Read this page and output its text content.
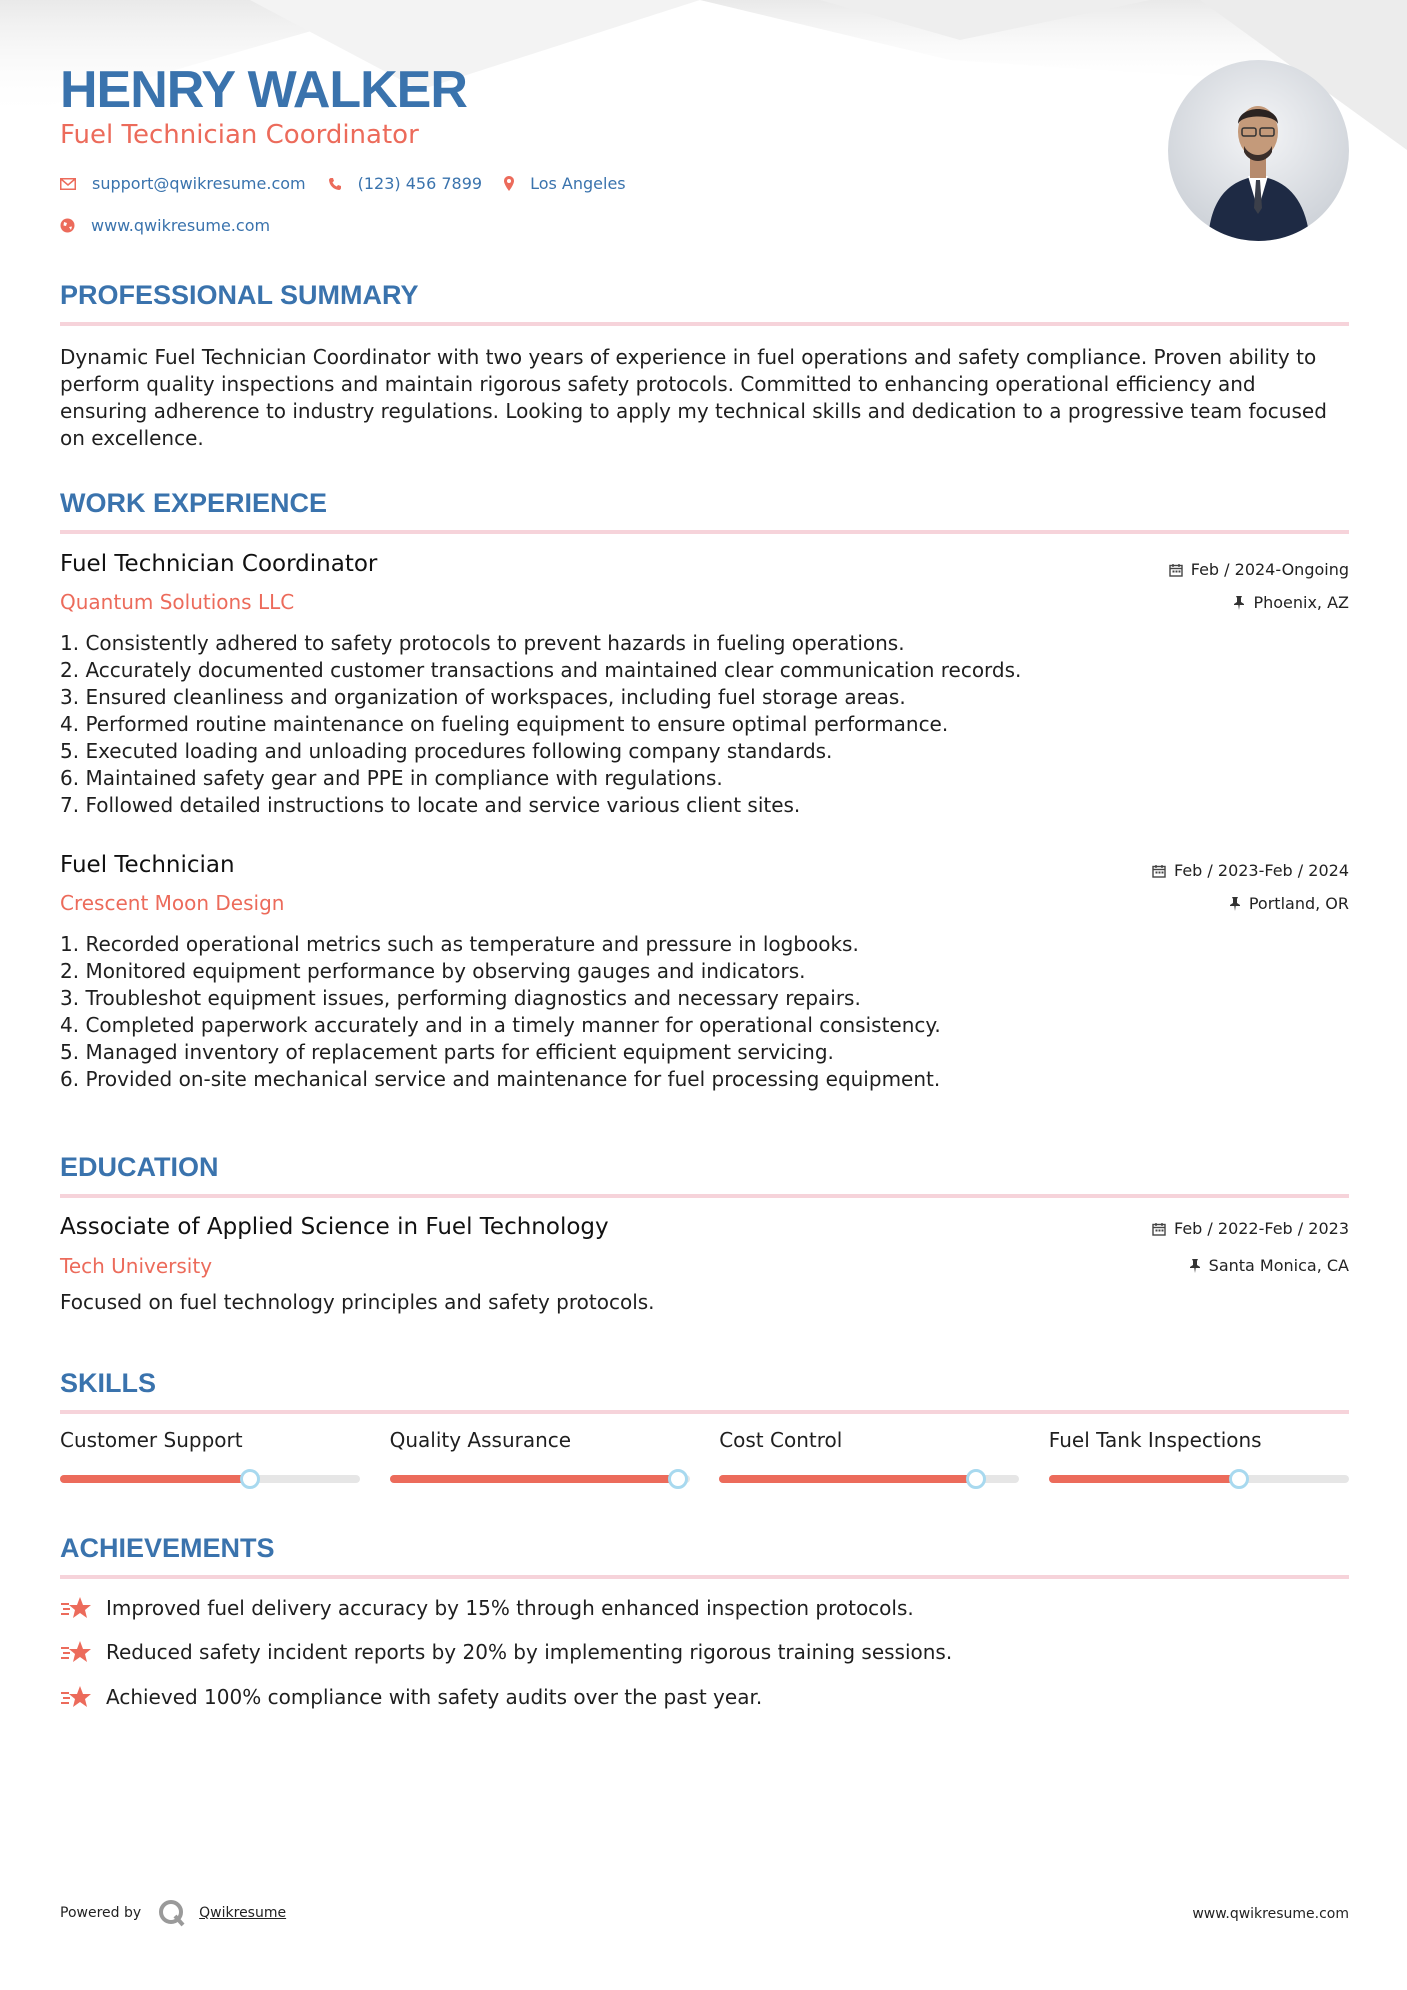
HENRY WALKER
Fuel Technician Coordinator
support@qwikresume.com	(123) 456 7899	Los Angeles
www.qwikresume.com
PROFESSIONAL SUMMARY
Dynamic Fuel Technician Coordinator with two years of experience in fuel operations and safety compliance. Proven ability to perform quality inspections and maintain rigorous safety protocols. Committed to enhancing operational efficiency and ensuring adherence to industry regulations. Looking to apply my technical skills and dedication to a progressive team focused on excellence.
WORK EXPERIENCE
Fuel Technician Coordinator
Quantum Solutions LLC
Feb / 2024-Ongoing
Phoenix, AZ
1. Consistently adhered to safety protocols to prevent hazards in fueling operations.
2. Accurately documented customer transactions and maintained clear communication records.
3. Ensured cleanliness and organization of workspaces, including fuel storage areas.
4. Performed routine maintenance on fueling equipment to ensure optimal performance.
5. Executed loading and unloading procedures following company standards.
6. Maintained safety gear and PPE in compliance with regulations.
7. Followed detailed instructions to locate and service various client sites.
Fuel Technician
Crescent Moon Design
Feb / 2023-Feb / 2024
Portland, OR
1. Recorded operational metrics such as temperature and pressure in logbooks.
2. Monitored equipment performance by observing gauges and indicators.
3. Troubleshot equipment issues, performing diagnostics and necessary repairs.
4. Completed paperwork accurately and in a timely manner for operational consistency.
5. Managed inventory of replacement parts for efficient equipment servicing.
6. Provided on-site mechanical service and maintenance for fuel processing equipment.
EDUCATION
Associate of Applied Science in Fuel Technology
Tech University
Feb / 2022-Feb / 2023
Santa Monica, CA
Focused on fuel technology principles and safety protocols.
SKILLS
Customer Support	Quality Assurance	Cost Control	Fuel Tank Inspections
ACHIEVEMENTS
Improved fuel delivery accuracy by 15% through enhanced inspection protocols.
Reduced safety incident reports by 20% by implementing rigorous training sessions.
Achieved 100% compliance with safety audits over the past year.
Powered by	Qwikresume	www.qwikresume.com
